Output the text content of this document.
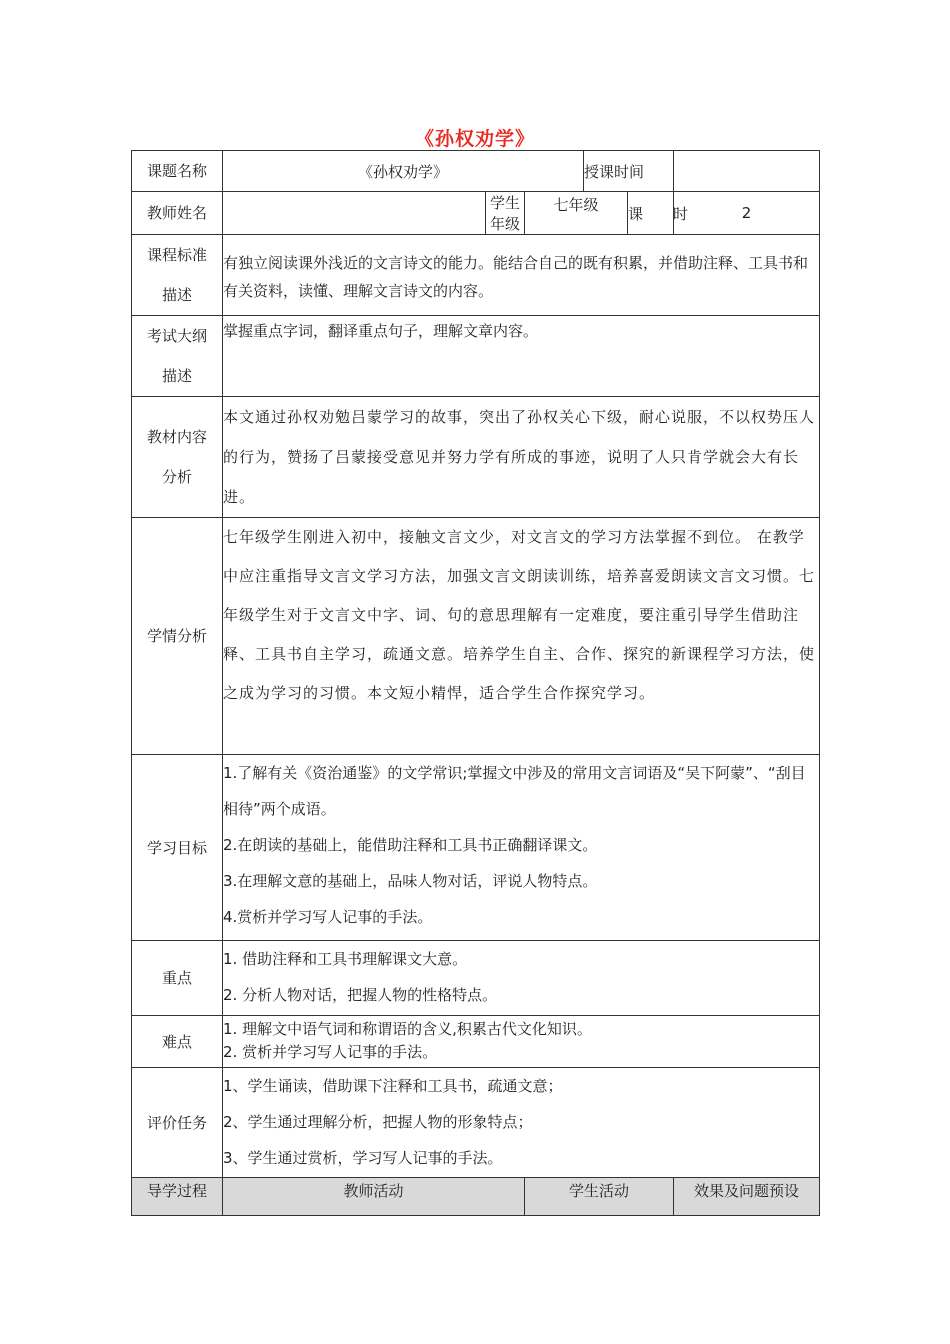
《孙权劝学》
课题名称	《孙权劝学》			授课时间		
教师姓名		学生年级	七年级		课　　时	2

课程标准
描述	有独立阅读课外浅近的文言诗文的能力。能结合自己的既有积累，并借助注释、工具书和有关资料，读懂、理解文言诗文的内容。					

考试大纲
描述	掌握重点字词，翻译重点句子，理解文章内容。					

教材内容
分析	本文通过孙权劝勉吕蒙学习的故事，突出了孙权关心下级，耐心说服，不以权势压人的行为，赞扬了吕蒙接受意见并努力学有所成的事迹，说明了人只肯学就会大有长进。					
学情分析	七年级学生刚进入初中，接触文言文少，对文言文的学习方法掌握不到位。 在教学中应注重指导文言文学习方法，加强文言文朗读训练，培养喜爱朗读文言文习惯。七年级学生对于文言文中字、词、句的意思理解有一定难度，要注重引导学生借助注释、工具书自主学习，疏通文意。培养学生自主、合作、探究的新课程学习方法，使之成为学习的习惯。本文短小精悍，适合学生合作探究学习。					
学习目标	1.了解有关《资治通鉴》的文学常识;掌握文中涉及的常用文言词语及“吴下阿蒙”、“刮目相待”两个成语。
2.在朗读的基础上，能借助注释和工具书正确翻译课文。
3.在理解文意的基础上，品味人物对话，评说人物特点。
4.赏析并学习写人记事的手法。					

重点	1. 借助注释和工具书理解课文大意。
2. 分析人物对话，把握人物的性格特点。					

难点	1. 理解文中语气词和称谓语的含义,积累古代文化知识。
2. 赏析并学习写人记事的手法。					

评价任务	1、学生诵读，借助课下注释和工具书，疏通文意；
2、学生通过理解分析，把握人物的形象特点；
3、学生通过赏析，学习写人记事的手法。					

导学过程	教师活动		学生活动			效果及问题预设
